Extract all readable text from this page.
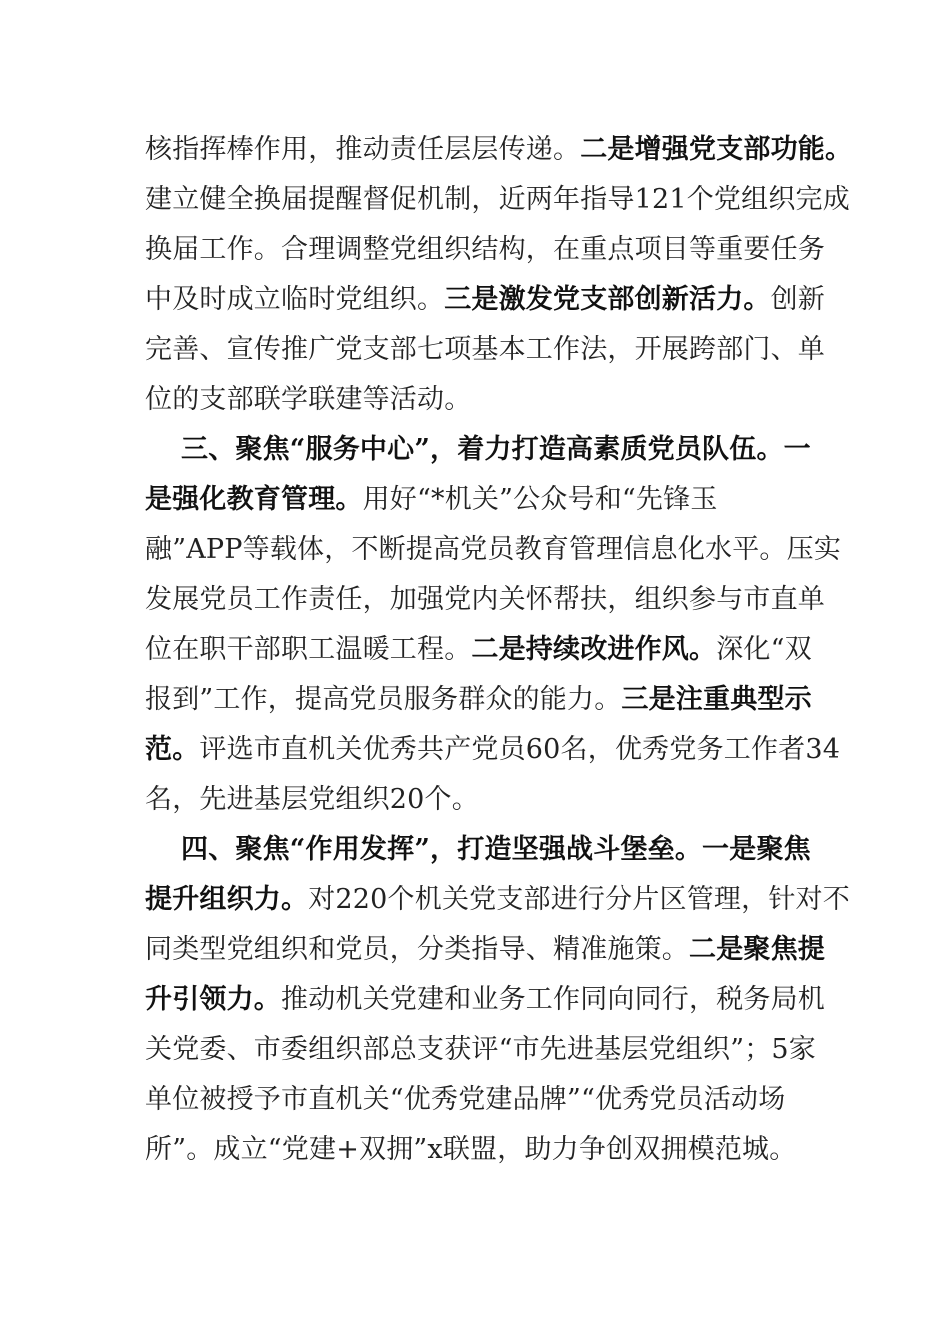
核指挥棒作用，推动责任层层传递。二是增强党支部功能。
建立健全换届提醒督促机制，近两年指导121个党组织完成
换届工作。合理调整党组织结构，在重点项目等重要任务
中及时成立临时党组织。三是激发党支部创新活力。创新
完善、宣传推广党支部七项基本工作法，开展跨部门、单
位的支部联学联建等活动。
三、聚焦“服务中心”，着力打造高素质党员队伍。一
是强化教育管理。用好“*机关”公众号和“先锋玉
融”APP等载体，不断提高党员教育管理信息化水平。压实
发展党员工作责任，加强党内关怀帮扶，组织参与市直单
位在职干部职工温暖工程。二是持续改进作风。深化“双
报到”工作，提高党员服务群众的能力。三是注重典型示
范。评选市直机关优秀共产党员60名，优秀党务工作者34
名，先进基层党组织20个。
四、聚焦“作用发挥”，打造坚强战斗堡垒。一是聚焦
提升组织力。对220个机关党支部进行分片区管理，针对不
同类型党组织和党员，分类指导、精准施策。二是聚焦提
升引领力。推动机关党建和业务工作同向同行，税务局机
关党委、市委组织部总支获评“市先进基层党组织”；5家
单位被授予市直机关“优秀党建品牌”“优秀党员活动场
所”。成立“党建+双拥”x联盟，助力争创双拥模范城。
